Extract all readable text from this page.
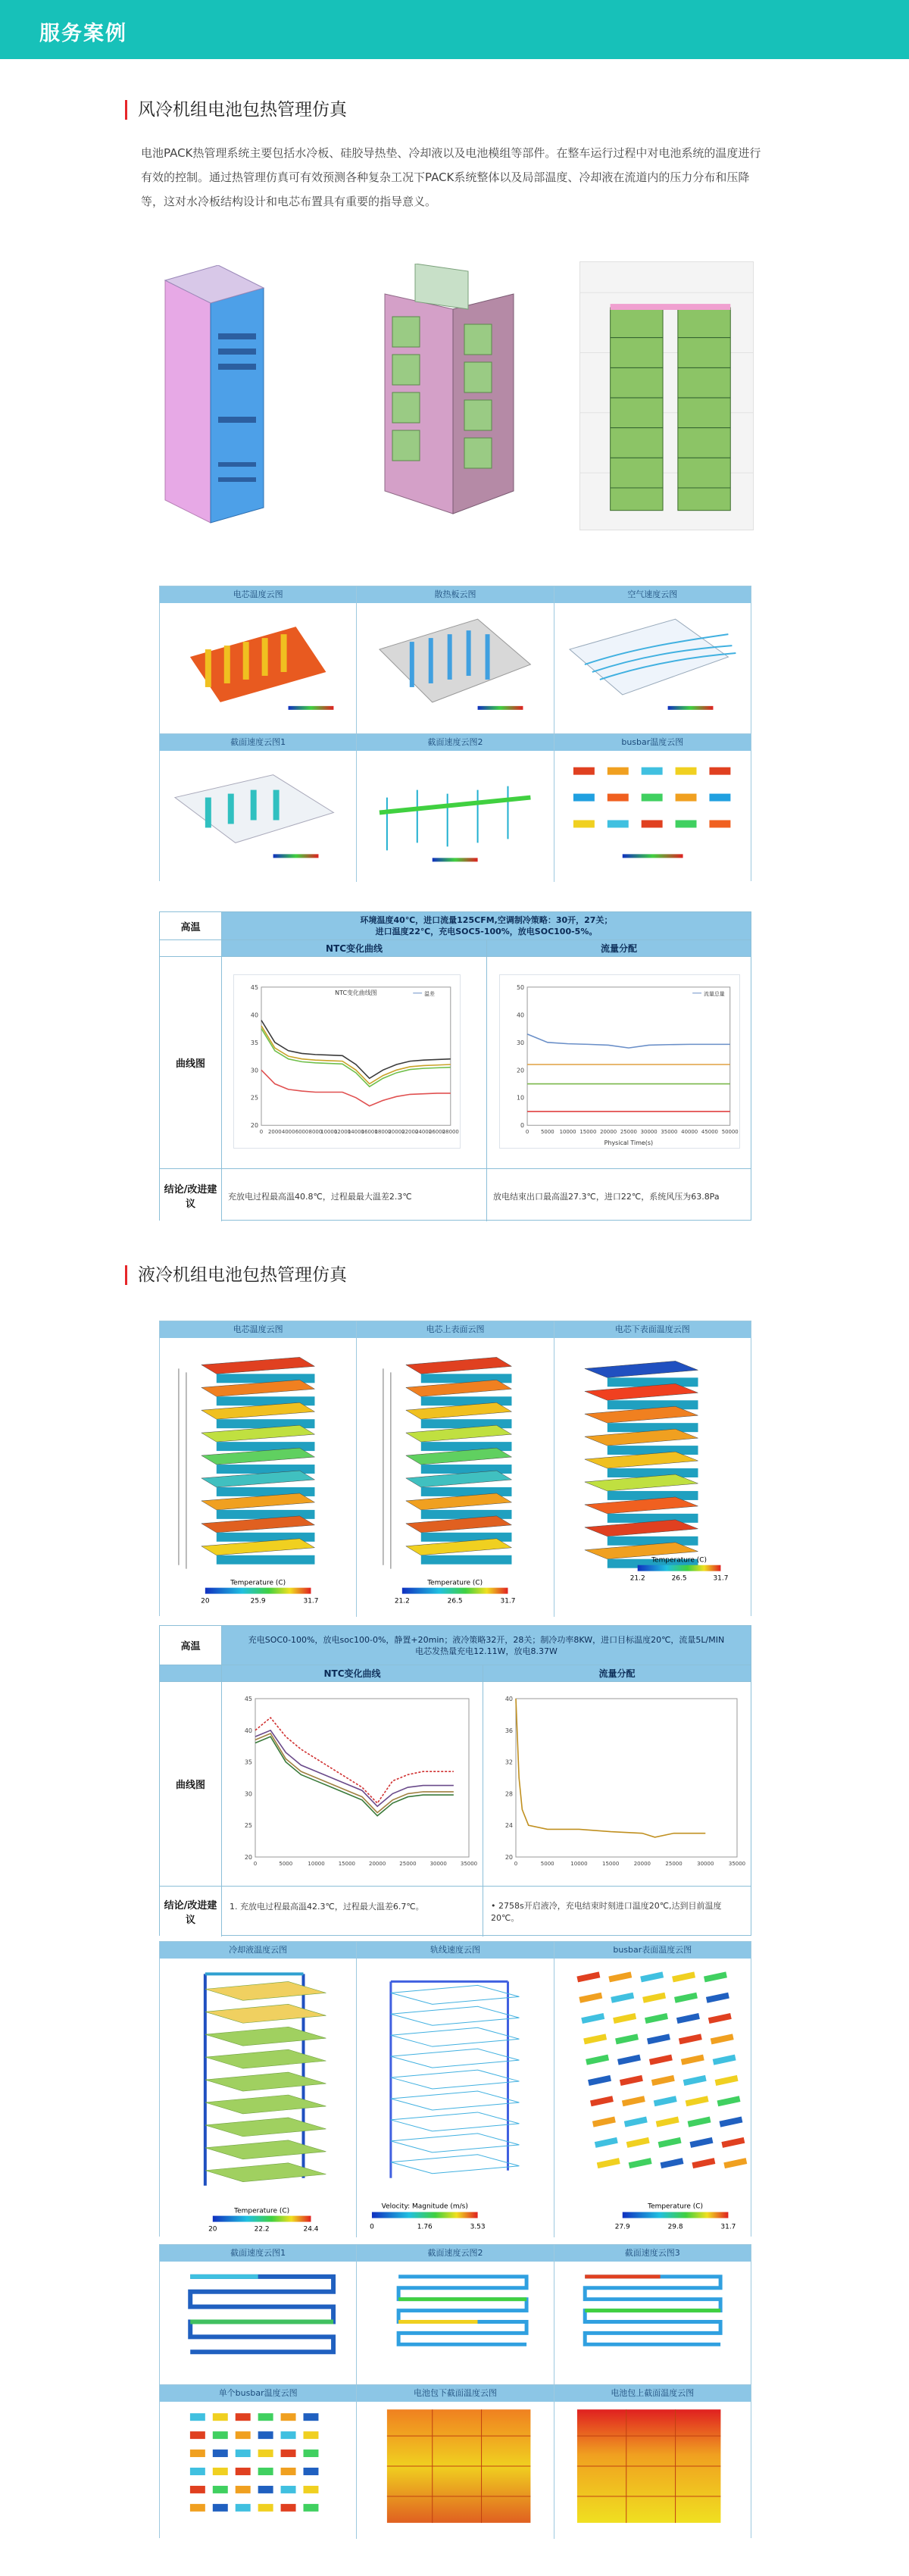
服务案例
风冷机组电池包热管理仿真
电池PACK热管理系统主要包括水冷板、硅胶导热垫、冷却液以及电池模组等部件。在整车运行过程中对电池系统的温度进行有效的控制。通过热管理仿真可有效预测各种复杂工况下PACK系统整体以及局部温度、冷却液在流道内的压力分布和压降等，这对水冷板结构设计和电芯布置具有重要的指导意义。
电芯温度云图	散热板云图	空气速度云图
截面速度云图1	截面速度云图2	busbar温度云图
高温
环境温度40℃，进口流量125CFM,空调制冷策略：30开，27关；
进口温度22℃，充电SOC5-100%，放电SOC100-5%。
NTC变化曲线	流量分配
曲线图
20
25
30
35
40
45
0 2000 4000 6000 8000
10000
12000
14000
16000
18000
20000
22000
24000
26000
28000
NTC变化曲线图	温差
0
10
20
30
40
50
0 5000 10000 15000 20000 25000 30000 35000 40000 45000 50000
Physical Time(s)
流量总量
结论/改进建议
充放电过程最高温40.8℃，过程最最大温差2.3℃	放电结束出口最高温27.3℃，进口22℃，系统风压为63.8Pa
液冷机组电池包热管理仿真
电芯温度云图
Temperature (C)
20	25.9	31.7
电芯上表面云图
Temperature (C)
21.2	26.5	31.7
电芯下表面温度云图
Temperature (C)
21.2	26.5	31.7
高温
充电SOC0-100%，放电soc100-0%，静置+20min；液冷策略32开，28关；制冷功率8KW，进口目标温度20℃，流量5L/MIN
电芯发热量充电12.11W，放电8.37W
NTC变化曲线	流量分配
曲线图
20
25
30
35
40
45
0	5000	10000	15000	20000	25000	30000	35000
20
24
28
32
36
40
0	5000	10000	15000	20000	25000	30000	35000
结论/改进建议
1. 充放电过程最高温42.3℃，过程最大温差6.7℃。	• 2758s开启液冷，充电结束时刻进口温度20℃,达到目前温度20℃。
冷却液温度云图
Temperature (C)
20	22.2	24.4
轨线速度云图
Velocity: Magnitude (m/s)
0	1.76	3.53
busbar表面温度云图
Temperature (C)
27.9	29.8	31.7
截面速度云图1	截面速度云图2	截面速度云图3
单个busbar温度云图	电池包下截面温度云图	电池包上截面温度云图
